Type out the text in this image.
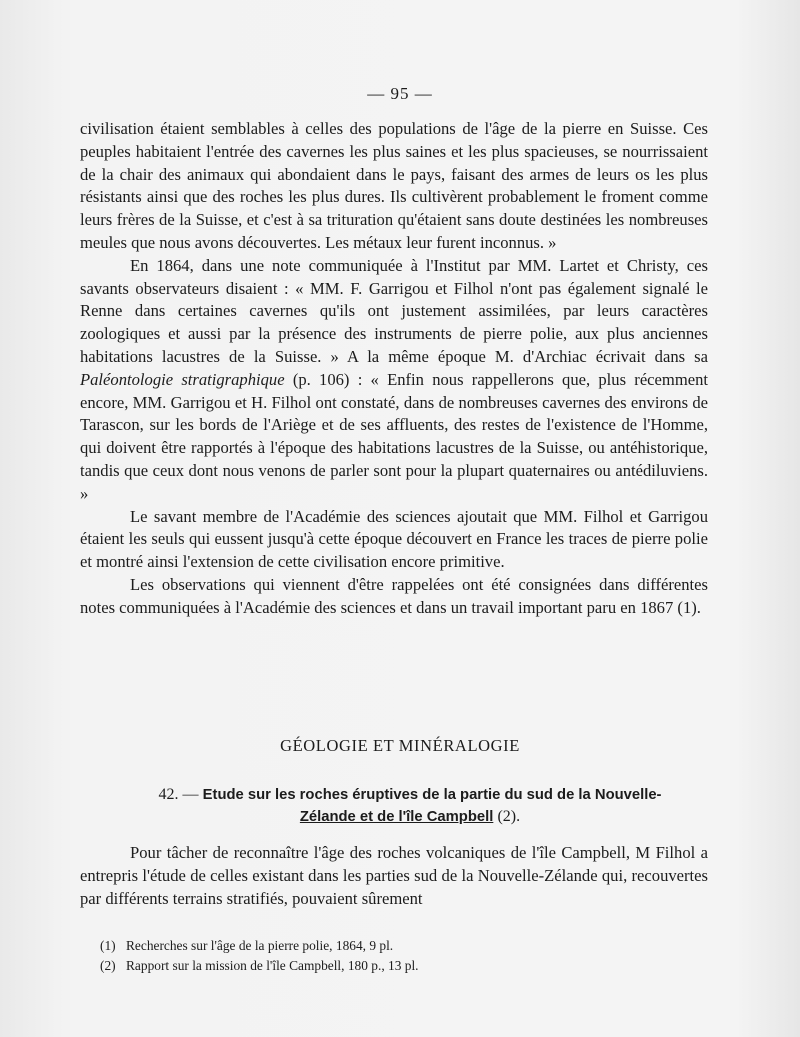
— 95 —

civilisation étaient semblables à celles des populations de l'âge de la pierre en Suisse. Ces peuples habitaient l'entrée des cavernes les plus saines et les plus spacieuses, se nourrissaient de la chair des animaux qui abondaient dans le pays, faisant des armes de leurs os les plus résistants ainsi que des roches les plus dures. Ils cultivèrent probablement le froment comme leurs frères de la Suisse, et c'est à sa trituration qu'étaient sans doute destinées les nombreuses meules que nous avons découvertes. Les métaux leur furent inconnus. »

En 1864, dans une note communiquée à l'Institut par MM. Lartet et Christy, ces savants observateurs disaient : « MM. F. Garrigou et Filhol n'ont pas également signalé le Renne dans certaines cavernes qu'ils ont justement assimilées, par leurs caractères zoologiques et aussi par la présence des instruments de pierre polie, aux plus anciennes habitations lacustres de la Suisse. » A la même époque M. d'Archiac écrivait dans sa Paléontologie stratigraphique (p. 106) : « Enfin nous rappellerons que, plus récemment encore, MM. Garrigou et H. Filhol ont constaté, dans de nombreuses cavernes des environs de Tarascon, sur les bords de l'Ariège et de ses affluents, des restes de l'existence de l'Homme, qui doivent être rapportés à l'époque des habitations lacustres de la Suisse, ou antéhistorique, tandis que ceux dont nous venons de parler sont pour la plupart quaternaires ou antédiluviens. »

Le savant membre de l'Académie des sciences ajoutait que MM. Filhol et Garrigou étaient les seuls qui eussent jusqu'à cette époque découvert en France les traces de pierre polie et montré ainsi l'extension de cette civilisation encore primitive.

Les observations qui viennent d'être rappelées ont été consignées dans différentes notes communiquées à l'Académie des sciences et dans un travail important paru en 1867 (1).

GÉOLOGIE ET MINÉRALOGIE
42. — Etude sur les roches éruptives de la partie du sud de la Nouvelle-
Zélande et de l'île Campbell (2).

Pour tâcher de reconnaître l'âge des roches volcaniques de l'île Campbell, M Filhol a entrepris l'étude de celles existant dans les parties sud de la Nouvelle-Zélande qui, recouvertes par différents terrains stratifiés, pouvaient sûrement

(1) Recherches sur l'âge de la pierre polie, 1864, 9 pl.

(2) Rapport sur la mission de l'île Campbell, 180 p., 13 pl.
